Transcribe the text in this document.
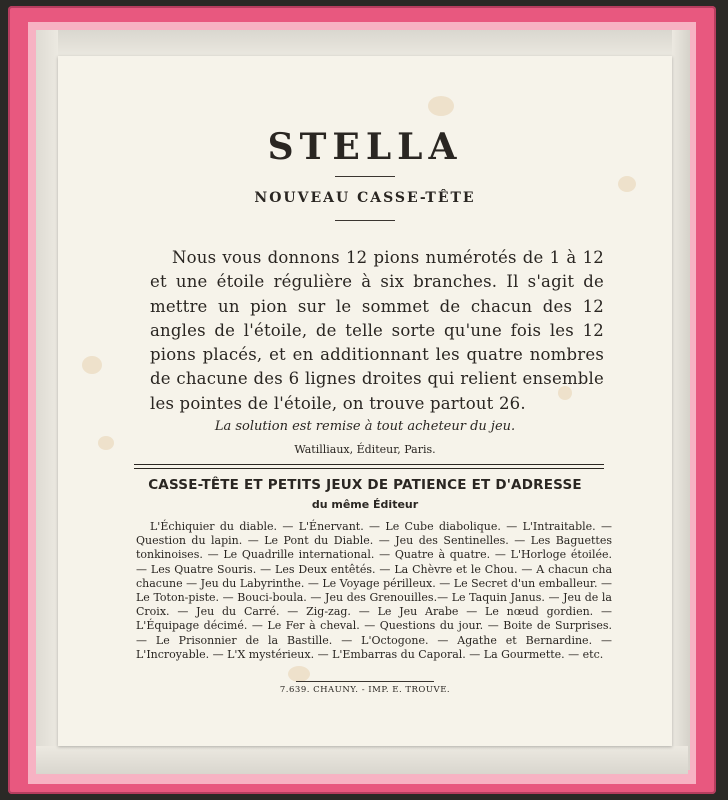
STELLA
NOUVEAU CASSE-TÊTE
Nous vous donnons 12 pions numérotés de 1 à 12 et une étoile régulière à six branches. Il s'agit de mettre un pion sur le sommet de chacun des 12 angles de l'étoile, de telle sorte qu'une fois les 12 pions placés, et en additionnant les quatre nombres de chacune des 6 lignes droites qui relient ensemble les pointes de l'étoile, on trouve partout 26.
La solution est remise à tout acheteur du jeu.
Watilliaux, Éditeur, Paris.
CASSE-TÊTE ET PETITS JEUX DE PATIENCE ET D'ADRESSE
du même Éditeur
L'Échiquier du diable. — L'Énervant. — Le Cube diabolique. — L'Intraitable. — Question du lapin. — Le Pont du Diable. — Jeu des Sentinelles. — Les Baguettes tonkinoises. — Le Quadrille international. — Quatre à quatre. — L'Horloge étoilée. — Les Quatre Souris. — Les Deux entêtés. — La Chèvre et le Chou. — A chacun cha chacune — Jeu du Labyrinthe. — Le Voyage périlleux. — Le Secret d'un emballeur. — Le Toton-piste. — Bouci-boula. — Jeu des Grenouilles.— Le Taquin Janus. — Jeu de la Croix. — Jeu du Carré. — Zig-zag. — Le Jeu Arabe — Le nœud gordien. — L'Équipage décimé. — Le Fer à cheval. — Questions du jour. — Boite de Surprises. — Le Prisonnier de la Bastille. — L'Octogone. — Agathe et Bernardine. — L'Incroyable. — L'X mystérieux. — L'Embarras du Caporal. — La Gourmette. — etc.
7.639. CHAUNY. - IMP. E. TROUVE.
